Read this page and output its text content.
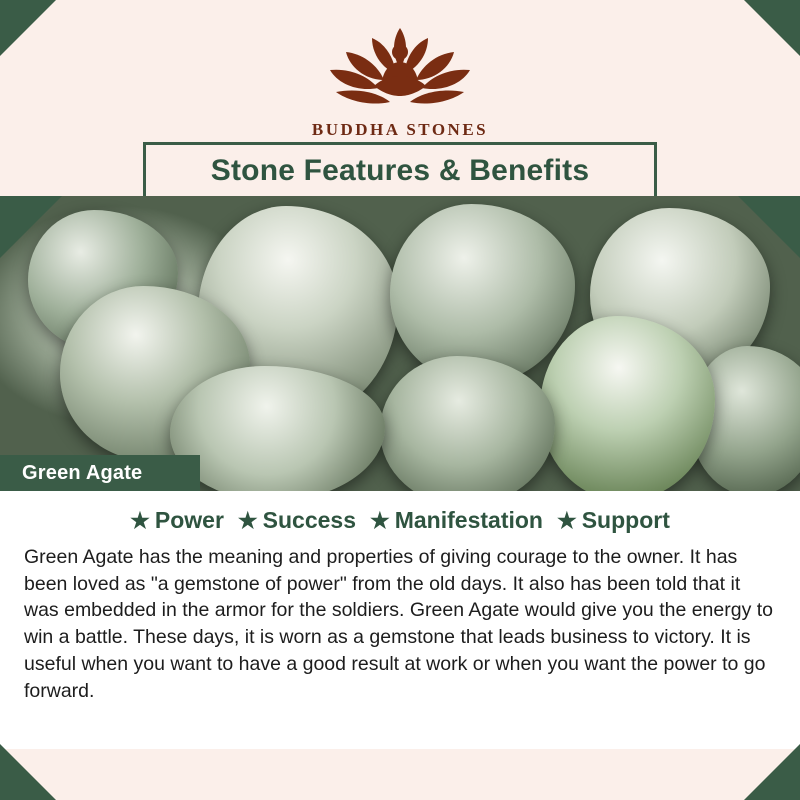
BUDDHA STONES
Stone Features & Benefits
Green Agate
★ Power ★ Success ★ Manifestation ★ Support

Green Agate has the meaning and properties of giving courage to the owner. It has been loved as "a gemstone of power" from the old days. It also has been told that it was embedded in the armor for the soldiers. Green Agate would give you the energy to win a battle. These days, it is worn as a gemstone that leads business to victory. It is useful when you want to have a good result at work or when you want the power to go forward.
